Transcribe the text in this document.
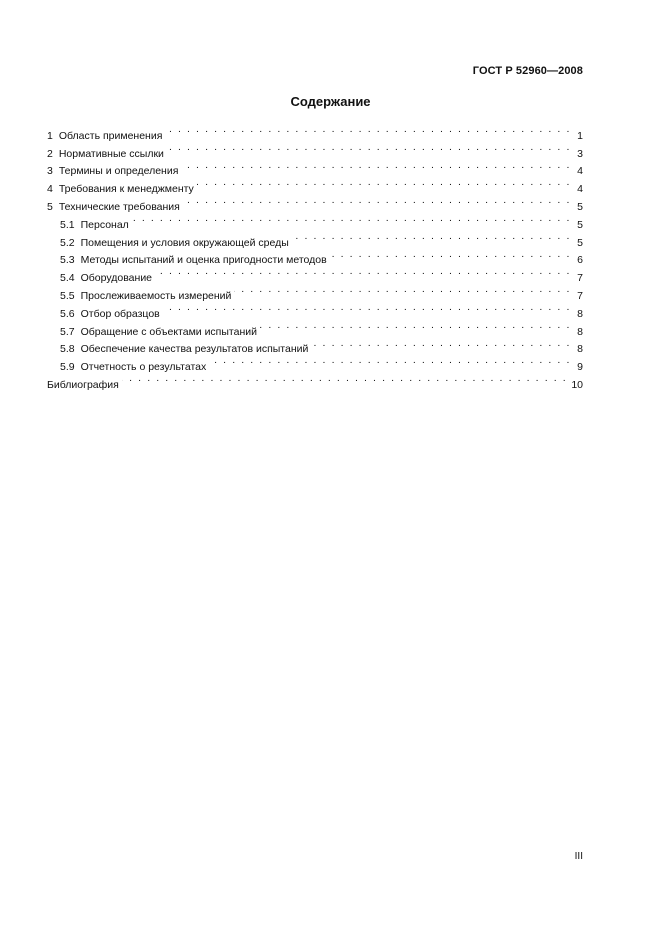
ГОСТ Р 52960—2008
Содержание
1 Область применения . . .	1
2 Нормативные ссылки . . .	3
3 Термины и определения . . .	4
4 Требования к менеджменту . . .	4
5 Технические требования . . .	5
5.1 Персонал . . .	5
5.2 Помещения и условия окружающей среды . . .	5
5.3 Методы испытаний и оценка пригодности методов . . .	6
5.4 Оборудование . . .	7
5.5 Прослеживаемость измерений . . .	7
5.6 Отбор образцов . . .	8
5.7 Обращение с объектами испытаний . . .	8
5.8 Обеспечение качества результатов испытаний . . .	8
5.9 Отчетность о результатах . . .	9
Библиография . . .	10
III
